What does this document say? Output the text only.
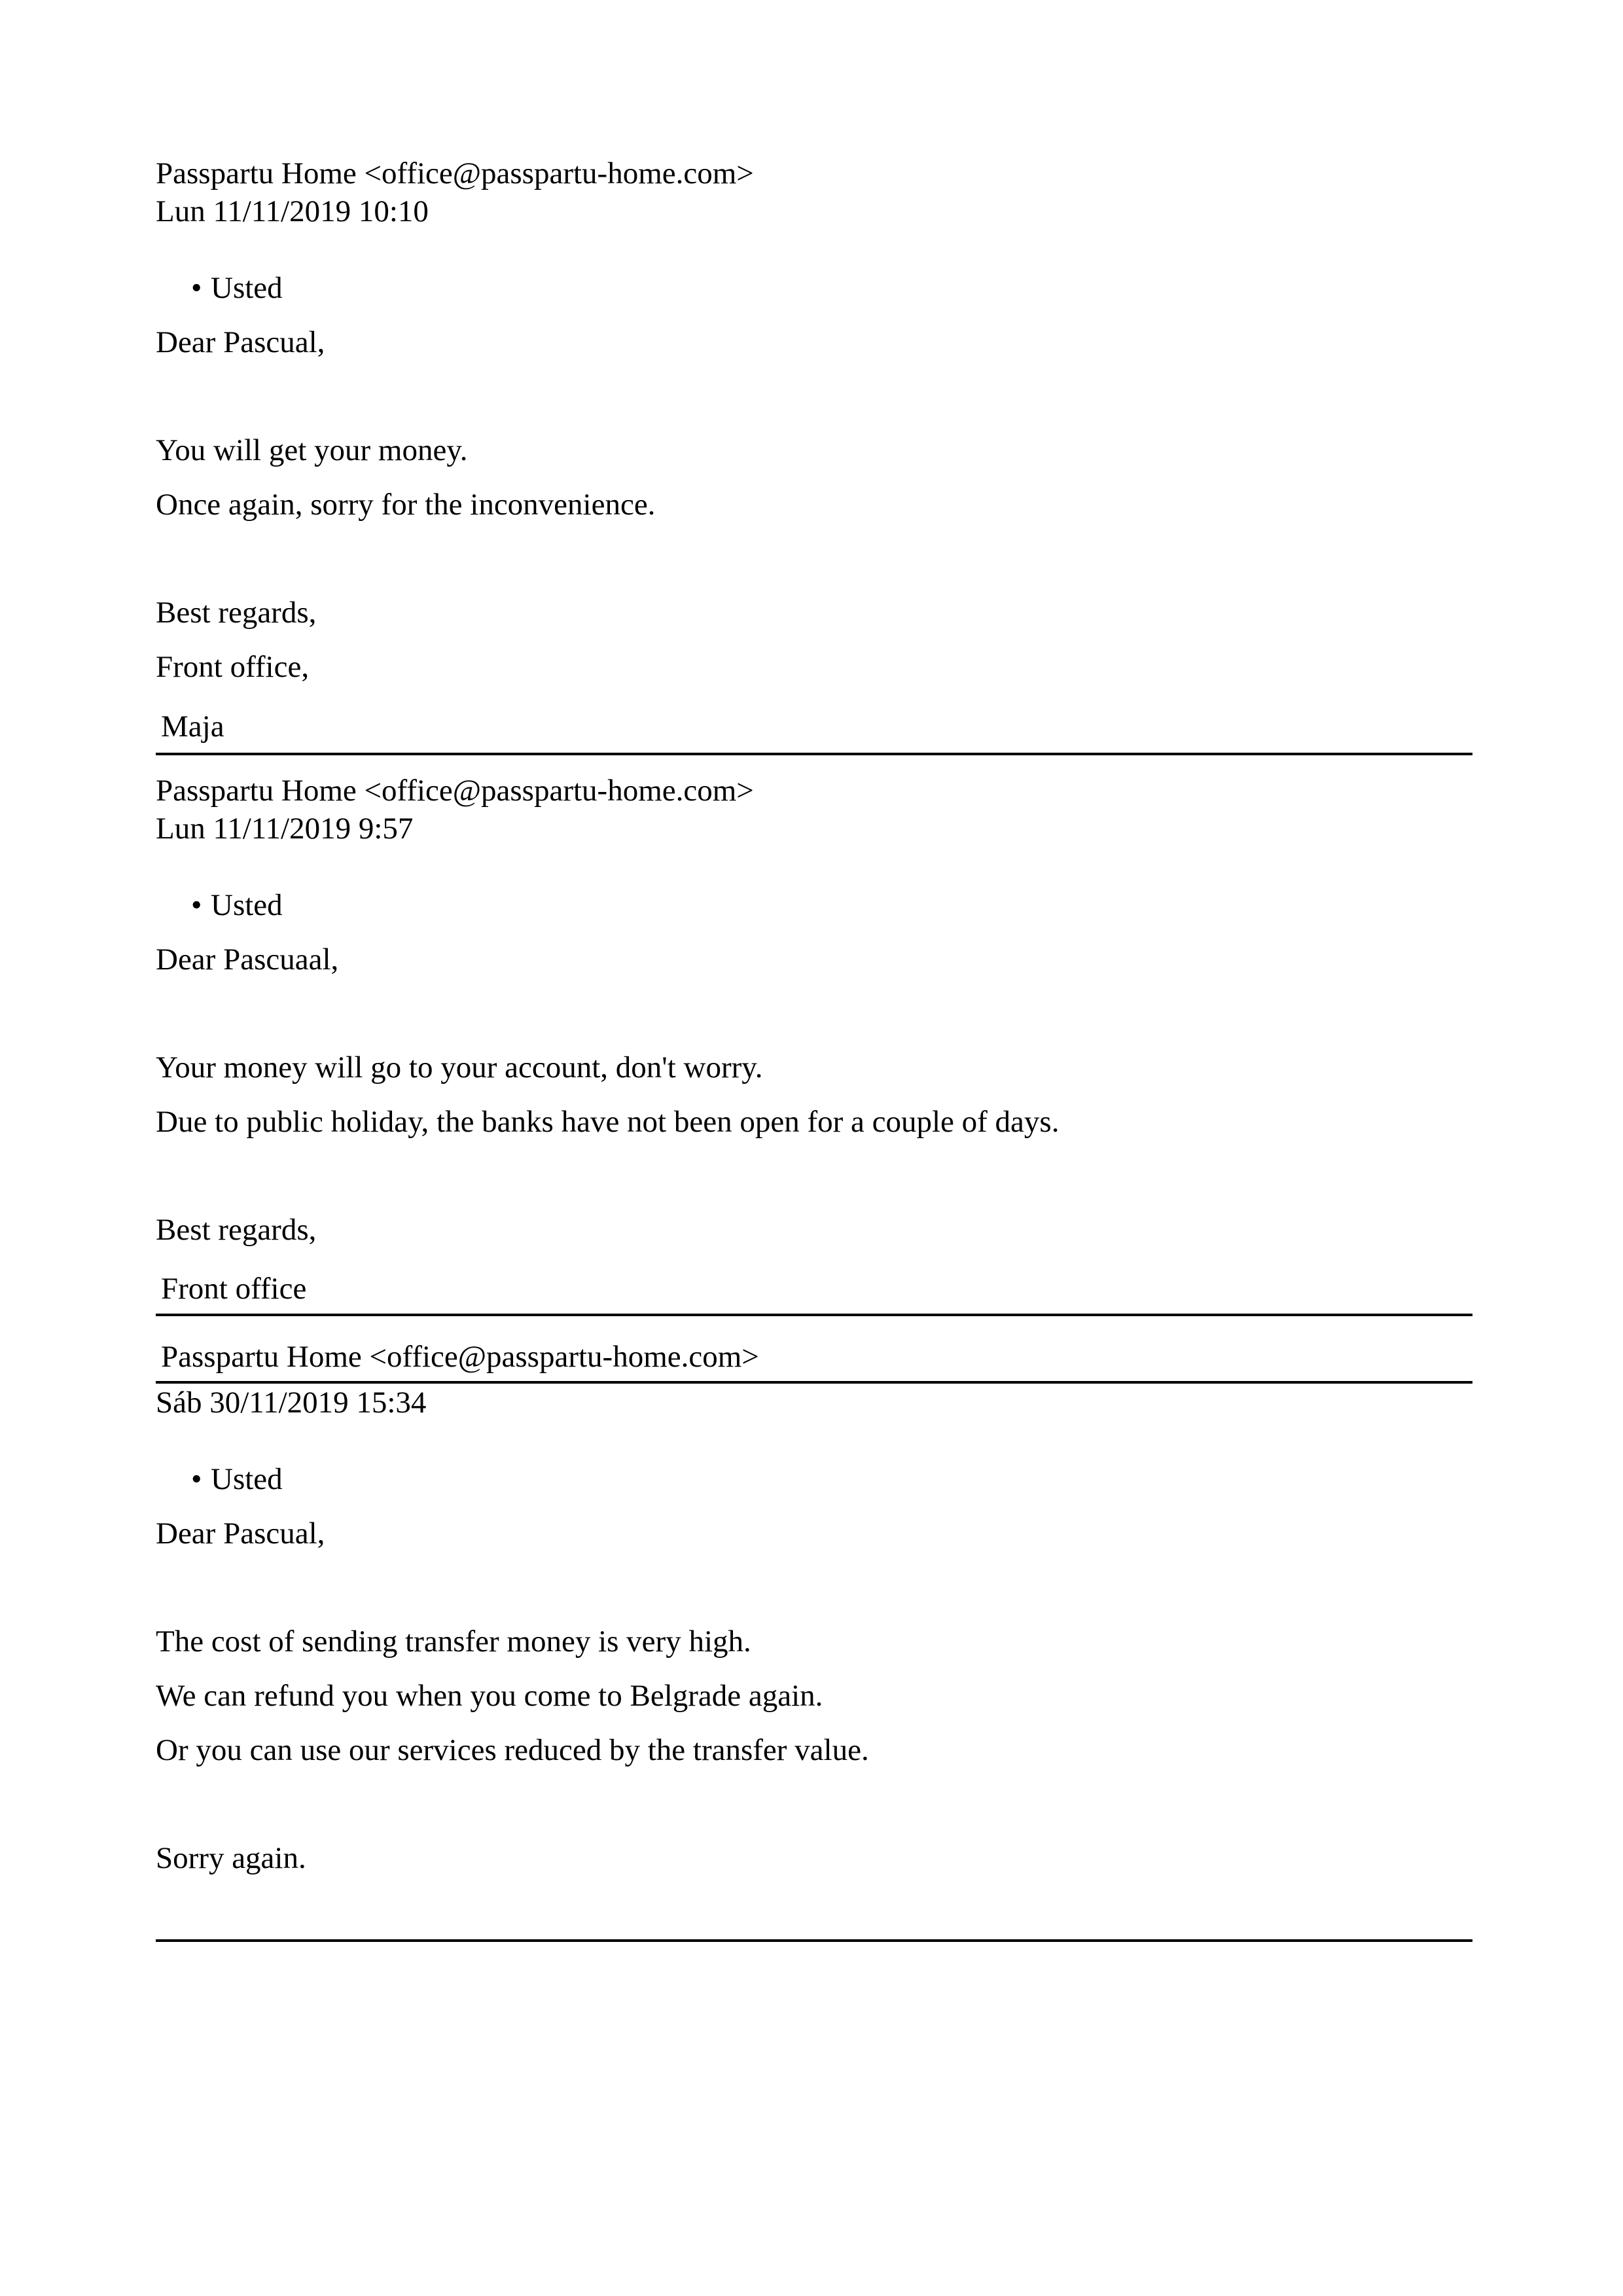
Passpartu Home <office@passpartu-home.com>
Lun 11/11/2019 10:10
• Usted
Dear Pascual,
You will get your money.
Once again, sorry for the inconvenience.
Best regards,
Front office,
Maja
Passpartu Home <office@passpartu-home.com>
Lun 11/11/2019 9:57
• Usted
Dear Pascuaal,
Your money will go to your account, don't worry.
Due to public holiday, the banks have not been open for a couple of days.
Best regards,
Front office
Passpartu Home <office@passpartu-home.com>
Sáb 30/11/2019 15:34
• Usted
Dear Pascual,
The cost of sending transfer money is very high.
We can refund you when you come to Belgrade again.
Or you can use our services reduced by the transfer value.
Sorry again.
